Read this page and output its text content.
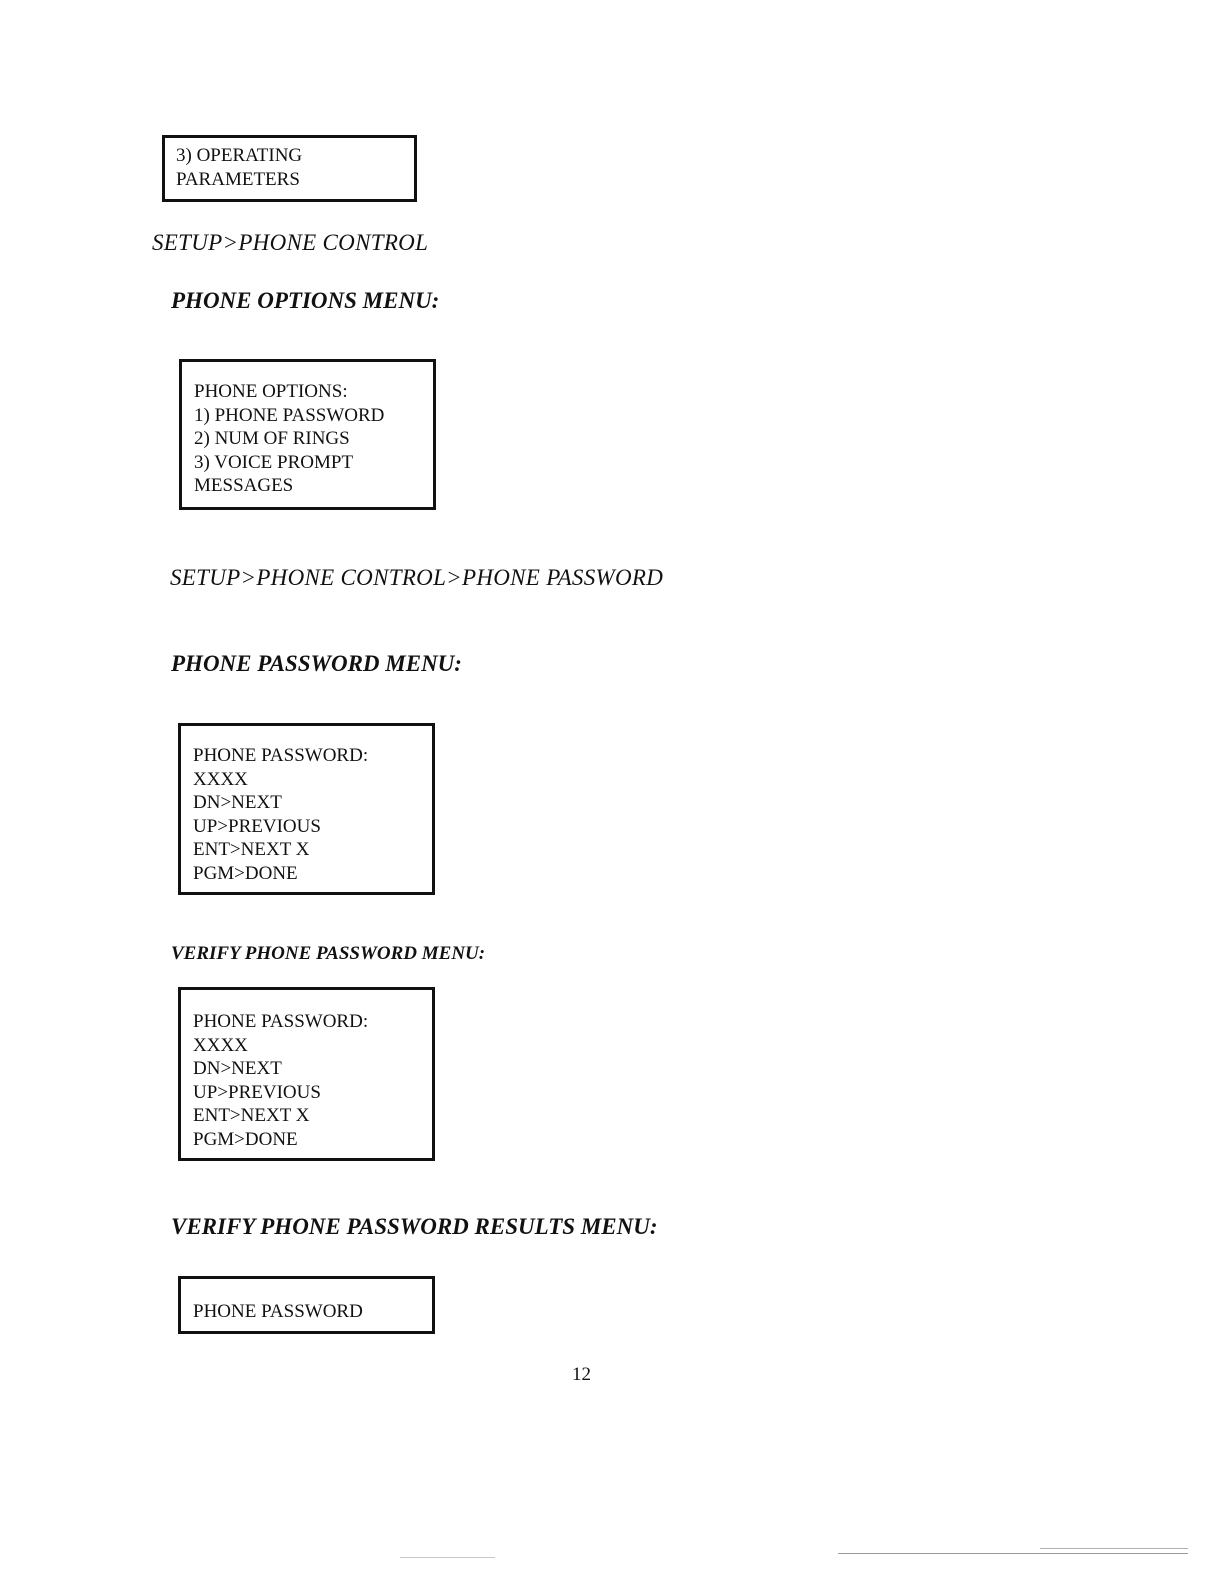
3) OPERATING
PARAMETERS
SETUP>PHONE CONTROL
PHONE OPTIONS MENU:
PHONE OPTIONS:
1) PHONE PASSWORD
2) NUM OF RINGS
3) VOICE PROMPT
MESSAGES
SETUP>PHONE CONTROL>PHONE PASSWORD
PHONE PASSWORD MENU:
PHONE PASSWORD:
XXXX
DN>NEXT
UP>PREVIOUS
ENT>NEXT X
PGM>DONE
VERIFY PHONE PASSWORD MENU:
PHONE PASSWORD:
XXXX
DN>NEXT
UP>PREVIOUS
ENT>NEXT X
PGM>DONE
VERIFY PHONE PASSWORD RESULTS MENU:
PHONE PASSWORD
12
